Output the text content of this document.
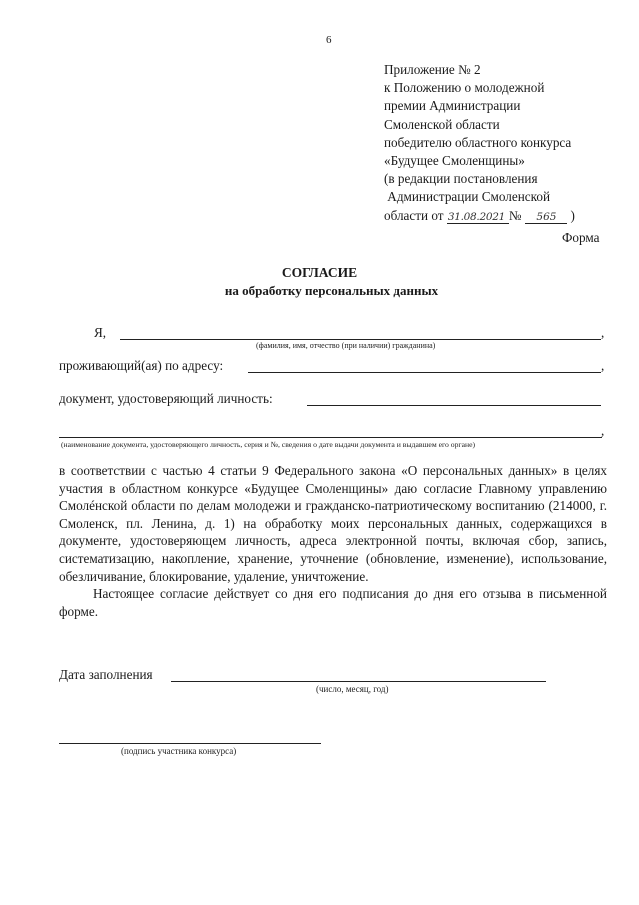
6
Приложение № 2
к Положению о молодежной
премии Администрации
Смоленской области
победителю областного конкурса
«Будущее Смоленщины»
(в редакции постановления
Администрации Смоленской
области от 31.08.2021 № 565 )
Форма
СОГЛАСИЕ
на обработку персональных данных
Я,	,
(фамилия, имя, отчество (при наличии) гражданина)
проживающий(ая) по адресу:	,
документ, удостоверяющий личность:
,
(наименование документа, удостоверяющего личность, серия и №, сведения о дате выдачи документа и выдавшем его органе)

в соответствии с частью 4 статьи 9 Федерального закона «О персональных данных» в целях участия в областном конкурсе «Будущее Смоленщины» даю согласие Главному управлению Смолéнской области по делам молодежи и гражданско-патриотическому воспитанию (214000, г. Смоленск, пл. Ленина, д. 1) на обработку моих персональных данных, содержащихся в документе, удостоверяющем личность, адреса электронной почты, включая сбор, запись, систематизацию, накопление, хранение, уточнение (обновление, изменение), использование, обезличивание, блокирование, удаление, уничтожение.

Настоящее согласие действует со дня его подписания до дня его отзыва в письменной форме.

Дата заполнения
(число, месяц, год)
(подпись участника конкурса)
